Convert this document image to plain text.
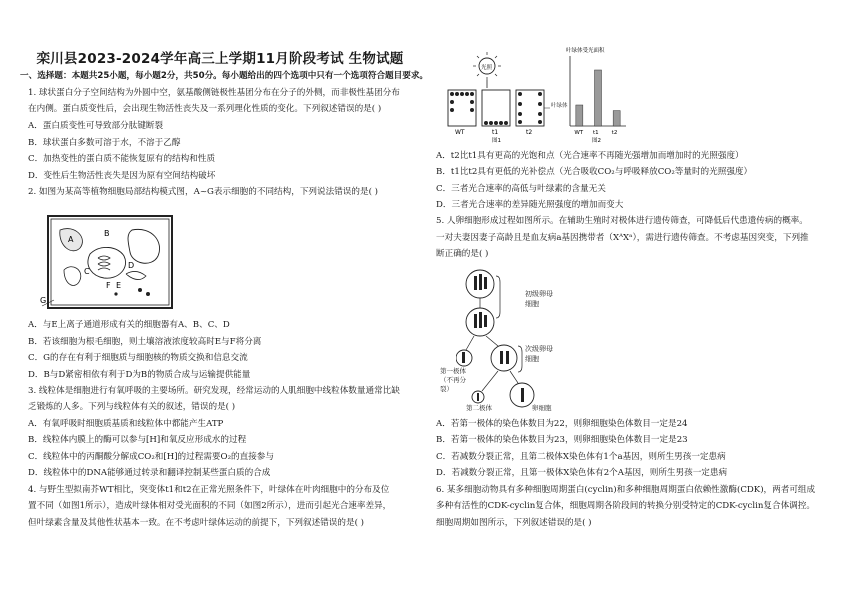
栾川县2023-2024学年高三上学期11月阶段考试 生物试题
一、选择题：本题共25小题，每小题2分，共50分。每小题给出的四个选项中只有一个选项符合题目要求。
1. 球状蛋白分子空间结构为外圆中空，氨基酸侧链极性基团分布在分子的外侧，而非极性基团分布
在内侧。蛋白质变性后，会出现生物活性丧失及一系列理化性质的变化。下列叙述错误的是( )
A．蛋白质变性可导致部分肽键断裂
B．球状蛋白多数可溶于水，不溶于乙醇
C．加热变性的蛋白质不能恢复原有的结构和性质
D．变性后生物活性丧失是因为原有空间结构破坏
2. 如图为某高等植物细胞局部结构模式图，A~G表示细胞的不同结构，下列说法错误的是( )
A
B
C
D
E
F
G
A．与E上离子通道形成有关的细胞器有A、B、C、D
B．若该细胞为根毛细胞，则土壤溶液浓度较高时E与F将分离
C．G的存在有利于细胞质与细胞核的物质交换和信息交流
D．B与D紧密相依有利于D为B的物质合成与运输提供能量
3. 线粒体是细胞进行有氧呼吸的主要场所。研究发现，经常运动的人肌细胞中线粒体数量通常比缺
乏锻炼的人多。下列与线粒体有关的叙述，错误的是( )
A．有氧呼吸时细胞质基质和线粒体中都能产生ATP
B．线粒体内膜上的酶可以参与[H]和氧反应形成水的过程
C．线粒体中的丙酮酸分解成CO₂和[H]的过程需要O₂的直接参与
D．线粒体中的DNA能够通过转录和翻译控制某些蛋白质的合成
4. 与野生型拟南芥WT相比，突变体t1和t2在正常光照条件下，叶绿体在叶肉细胞中的分布及位
置不同（如图1所示），造成叶绿体相对受光面积的不同（如图2所示），进而引起光合速率差异，
但叶绿素含量及其他性状基本一致。在不考虑叶绿体运动的前提下，下列叙述错误的是( )
光照
WT	t1	t2
图1
叶绿体
叶绿体受光面积
WT t1 t2
图2
A．t2比t1具有更高的光饱和点（光合速率不再随光强增加而增加时的光照强度）
B．t1比t2具有更低的光补偿点（光合吸收CO₂与呼吸释放CO₂等量时的光照强度）
C．三者光合速率的高低与叶绿素的含量无关
D．三者光合速率的差异随光照强度的增加而变大
5. 人卵细胞形成过程如图所示。在辅助生殖时对极体进行遗传筛查，可降低后代患遗传病的概率。
一对夫妻因妻子高龄且是血友病a基因携带者（XᴬXᵃ），需进行遗传筛查。不考虑基因突变，下列推
断正确的是( )
初级卵母细胞
次级卵母细胞
第一极体（不再分裂）
第二极体	卵细胞
A．若第一极体的染色体数目为22，则卵细胞染色体数目一定是24
B．若第一极体的染色体数目为23，则卵细胞染色体数目一定是23
C．若减数分裂正常，且第二极体X染色体有1个a基因，则所生男孩一定患病
D．若减数分裂正常，且第一极体X染色体有2个A基因，则所生男孩一定患病
6. 某多细胞动物具有多种细胞周期蛋白(cyclin)和多种细胞周期蛋白依赖性激酶(CDK)，两者可组成
多种有活性的CDK-cyclin复合体，细胞周期各阶段间的转换分别受特定的CDK-cyclin复合体调控。
细胞周期如图所示，下列叙述错误的是( )
